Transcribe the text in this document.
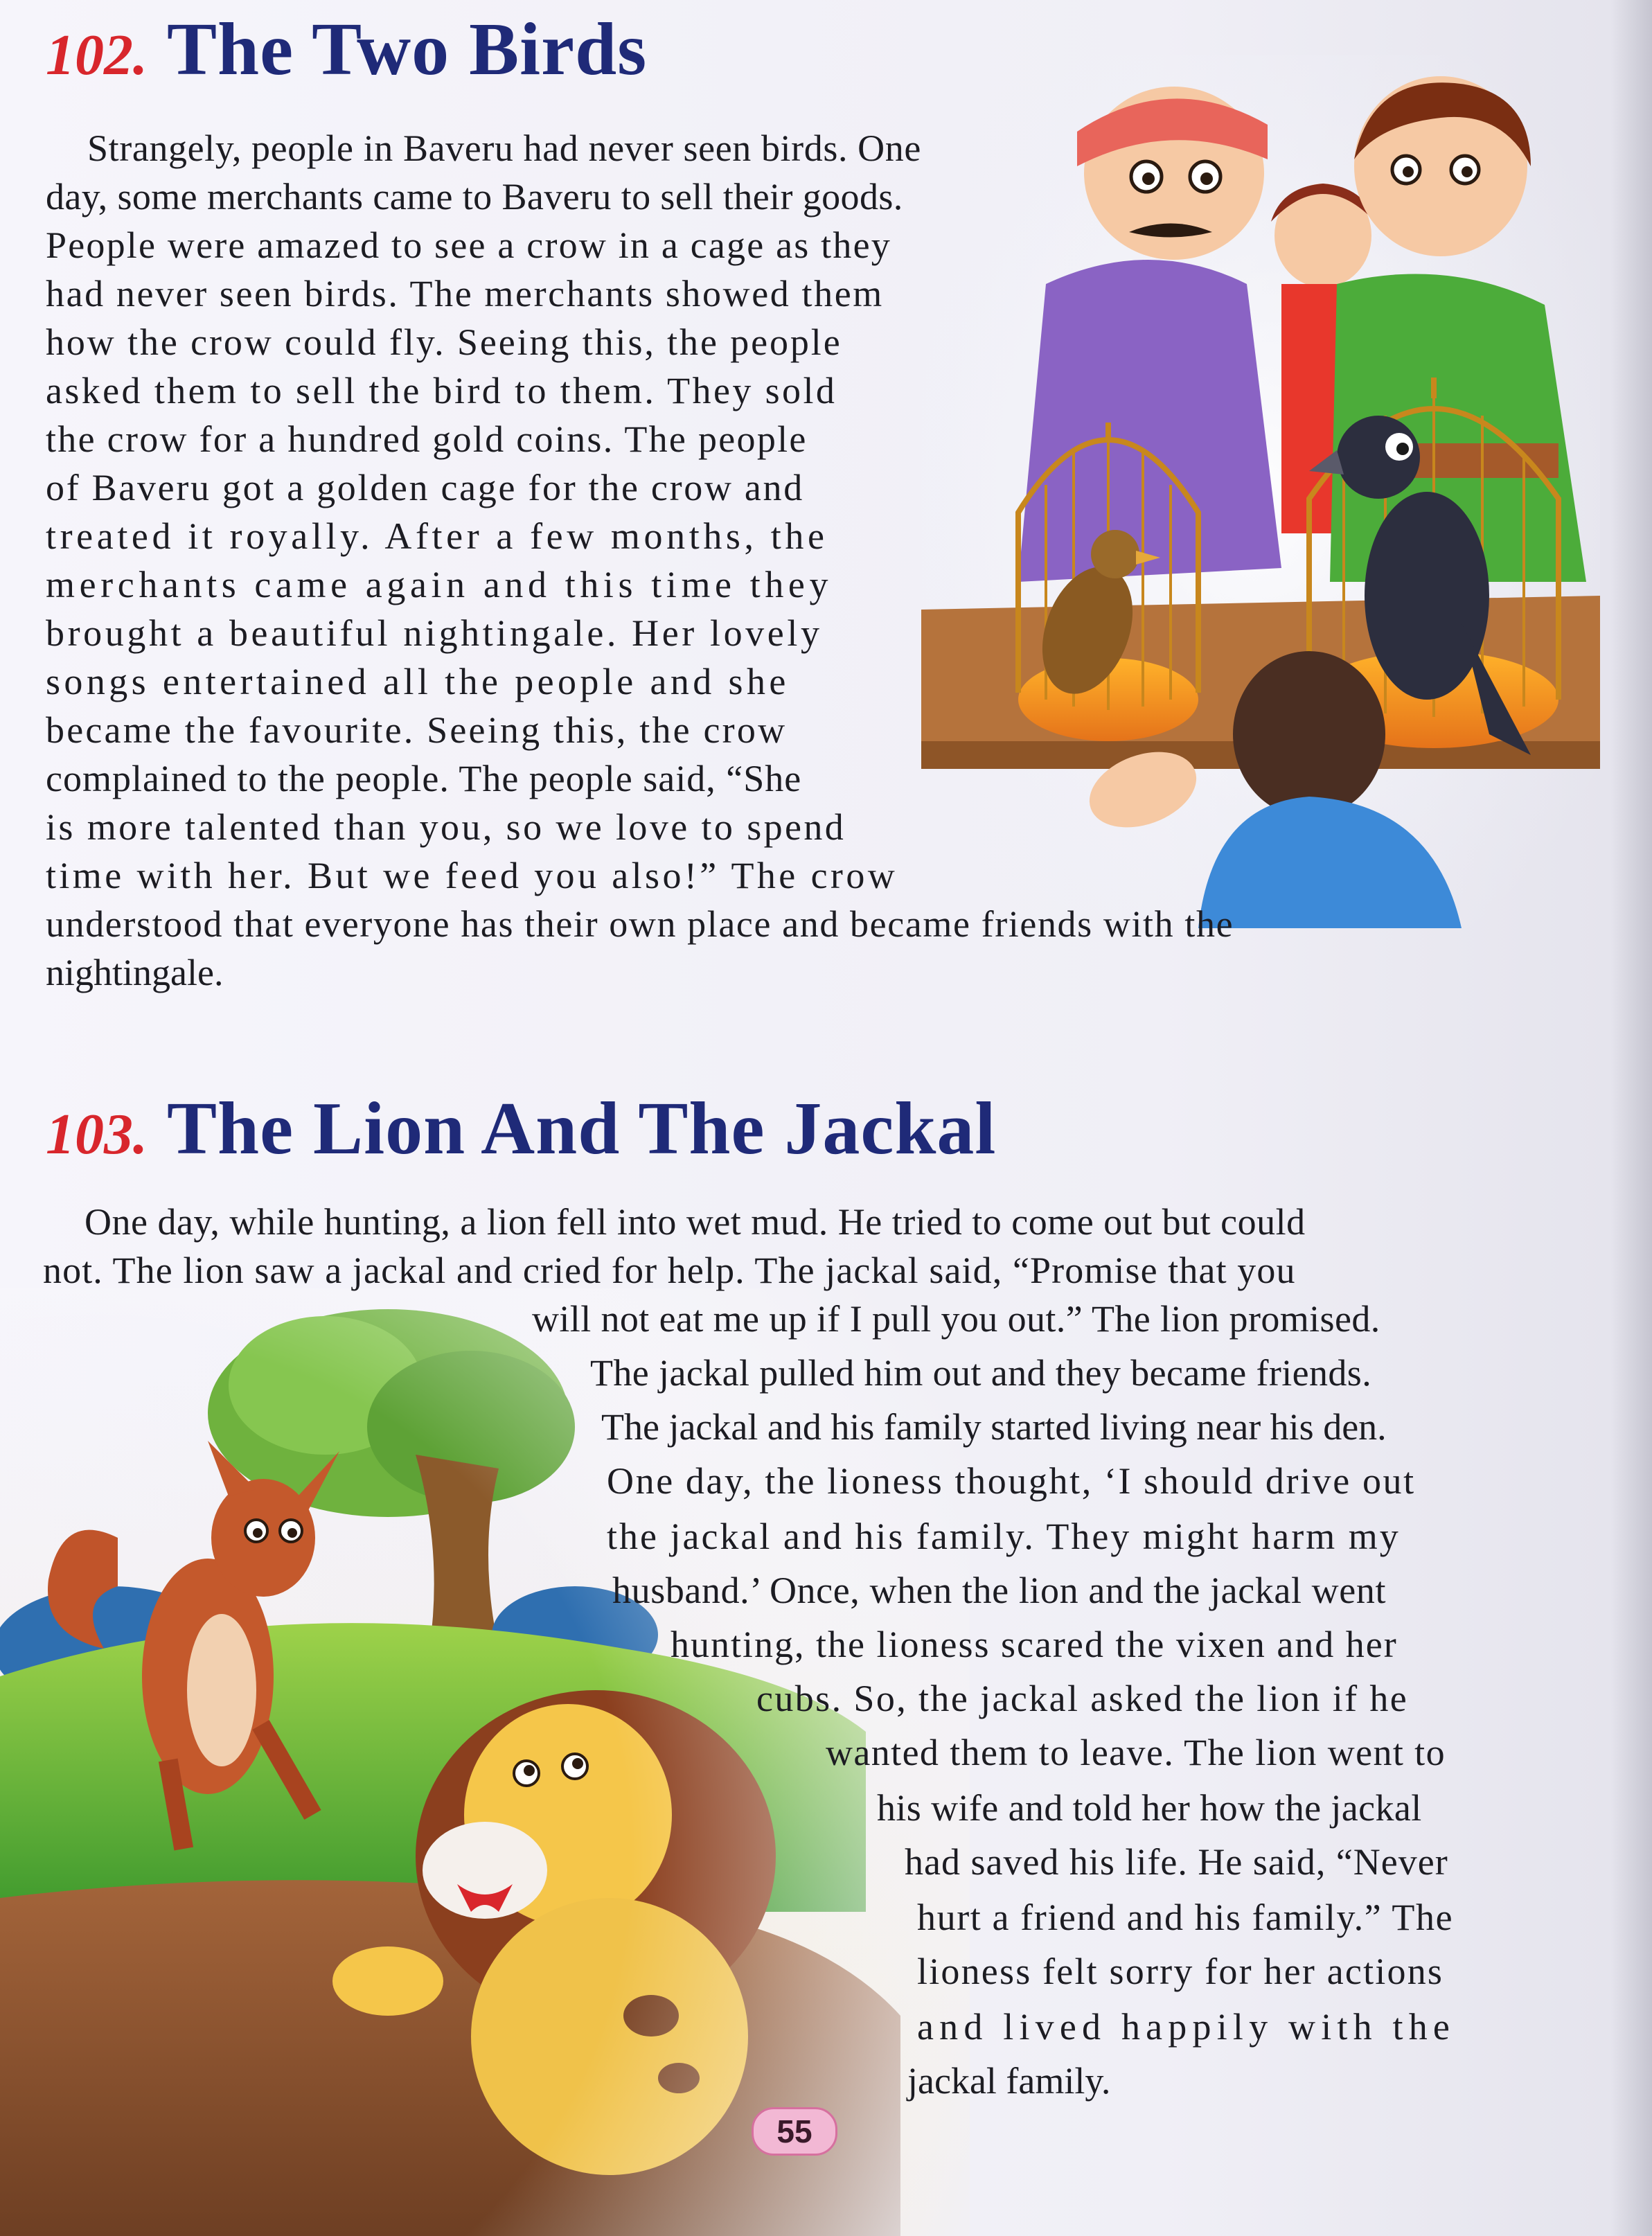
102. The Two Birds
Strangely, people in Baveru had never seen birds. One
day, some merchants came to Baveru to sell their goods.
People were amazed to see a crow in a cage as they
had never seen birds. The merchants showed them
how the crow could fly. Seeing this, the people
asked them to sell the bird to them. They sold
the crow for a hundred gold coins. The people
of Baveru got a golden cage for the crow and
treated it royally. After a few months, the
merchants came again and this time they
brought a beautiful nightingale. Her lovely
songs entertained all the people and she
became the favourite. Seeing this, the crow
complained to the people. The people said, “She
is more talented than you, so we love to spend
time with her. But we feed you also!” The crow
understood that everyone has their own place and became friends with the
nightingale.
103. The Lion And The Jackal
One day, while hunting, a lion fell into wet mud. He tried to come out but could
not. The lion saw a jackal and cried for help. The jackal said, “Promise that you
will not eat me up if I pull you out.” The lion promised.
The jackal pulled him out and they became friends.
The jackal and his family started living near his den.
One day, the lioness thought, ‘I should drive out
the jackal and his family. They might harm my
husband.’ Once, when the lion and the jackal went
hunting, the lioness scared the vixen and her
cubs. So, the jackal asked the lion if he
wanted them to leave. The lion went to
his wife and told her how the jackal
had saved his life. He said, “Never
hurt a friend and his family.” The
lioness felt sorry for her actions
and lived happily with the
jackal family.
55
